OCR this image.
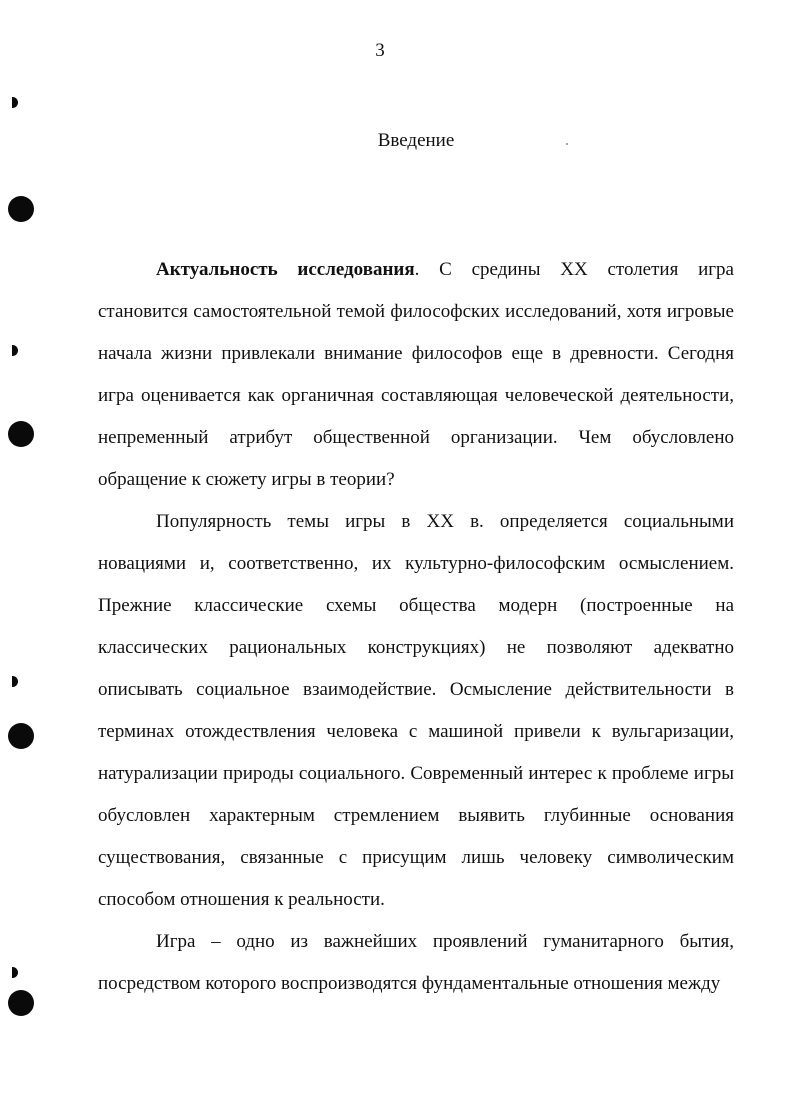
3
Введение

Актуальность исследования. С средины XX столетия игра становится самостоятельной темой философских исследований, хотя игровые начала жизни привлекали внимание философов еще в древности. Сегодня игра оценивается как органичная составляющая человеческой деятельности, непременный атрибут общественной организации. Чем обусловлено обращение к сюжету игры в теории?

Популярность темы игры в XX в. определяется социальными новациями и, соответственно, их культурно-философским осмыслением. Прежние классические схемы общества модерн (построенные на классических рациональных конструкциях) не позволяют адекватно описывать социальное взаимодействие. Осмысление действительности в терминах отождествления человека с машиной привели к вульгаризации, натурализации природы социального. Современный интерес к проблеме игры обусловлен характерным стремлением выявить глубинные основания существования, связанные с присущим лишь человеку символическим способом отношения к реальности.

Игра – одно из важнейших проявлений гуманитарного бытия, посредством которого воспроизводятся фундаментальные отношения между
